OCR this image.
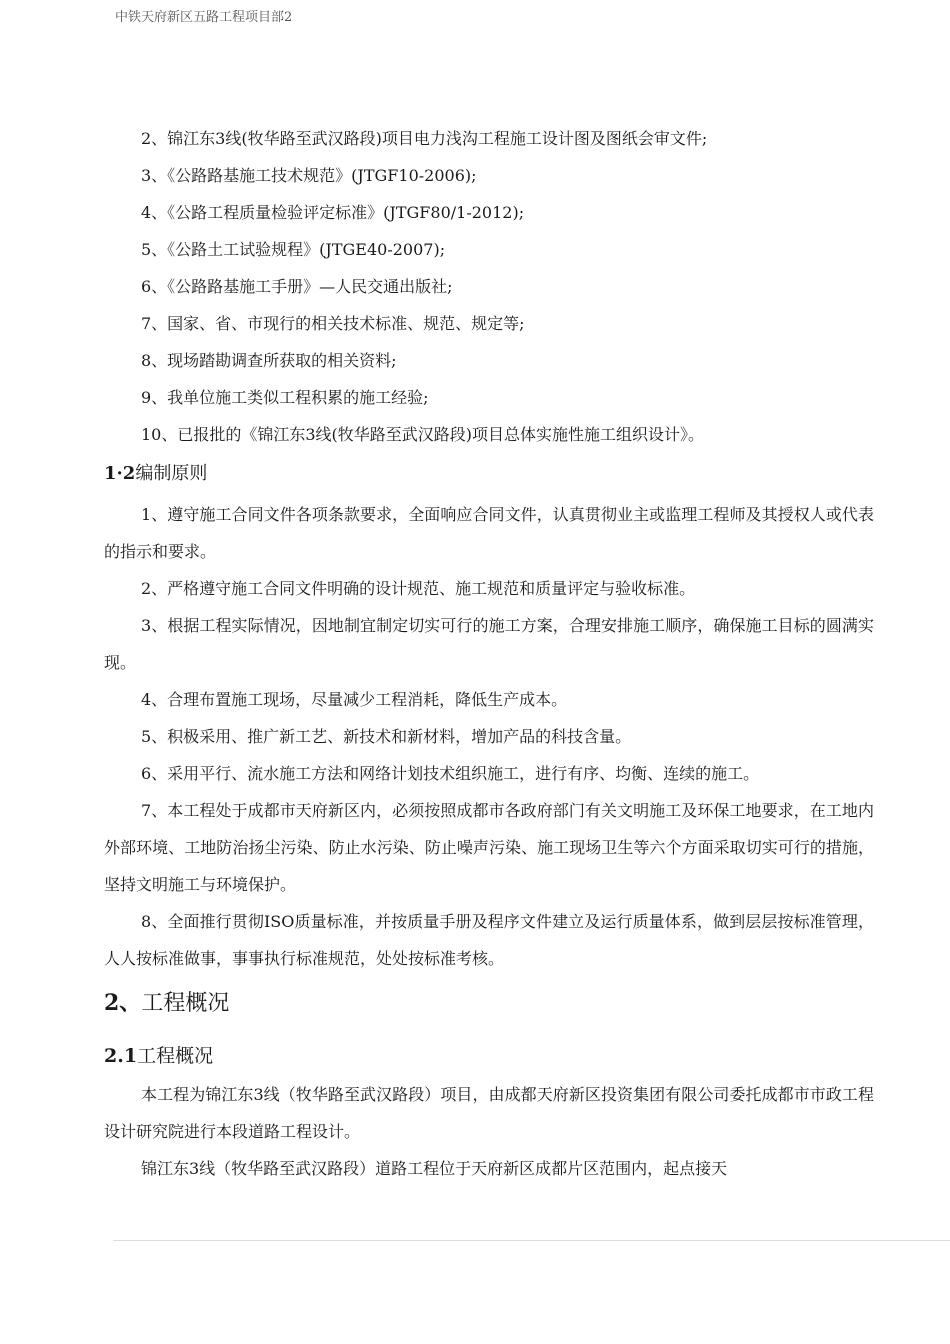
中铁天府新区五路工程项目部2
2、锦江东3线(牧华路至武汉路段)项目电力浅沟工程施工设计图及图纸会审文件;
3、《公路路基施工技术规范》(JTGF10-2006);
4、《公路工程质量检验评定标准》(JTGF80/1-2012);
5、《公路土工试验规程》(JTGE40-2007);
6、《公路路基施工手册》—人民交通出版社;
7、国家、省、市现行的相关技术标准、规范、规定等;
8、现场踏勘调查所获取的相关资料;
9、我单位施工类似工程积累的施工经验;
10、已报批的《锦江东3线(牧华路至武汉路段)项目总体实施性施工组织设计》。
1·2编制原则

1、遵守施工合同文件各项条款要求，全面响应合同文件，认真贯彻业主或监理工程师及其授权人或代表的指示和要求。

2、严格遵守施工合同文件明确的设计规范、施工规范和质量评定与验收标准。

3、根据工程实际情况，因地制宜制定切实可行的施工方案，合理安排施工顺序，确保施工目标的圆满实现。

4、合理布置施工现场，尽量减少工程消耗，降低生产成本。

5、积极采用、推广新工艺、新技术和新材料，增加产品的科技含量。

6、采用平行、流水施工方法和网络计划技术组织施工，进行有序、均衡、连续的施工。

7、本工程处于成都市天府新区内，必须按照成都市各政府部门有关文明施工及环保工地要求，在工地内外部环境、工地防治扬尘污染、防止水污染、防止噪声污染、施工现场卫生等六个方面采取切实可行的措施，坚持文明施工与环境保护。

8、全面推行贯彻ISO质量标准，并按质量手册及程序文件建立及运行质量体系，做到层层按标准管理，人人按标准做事，事事执行标准规范，处处按标准考核。

2、工程概况
2.1工程概况

本工程为锦江东3线（牧华路至武汉路段）项目，由成都天府新区投资集团有限公司委托成都市市政工程设计研究院进行本段道路工程设计。

锦江东3线（牧华路至武汉路段）道路工程位于天府新区成都片区范围内，起点接天
